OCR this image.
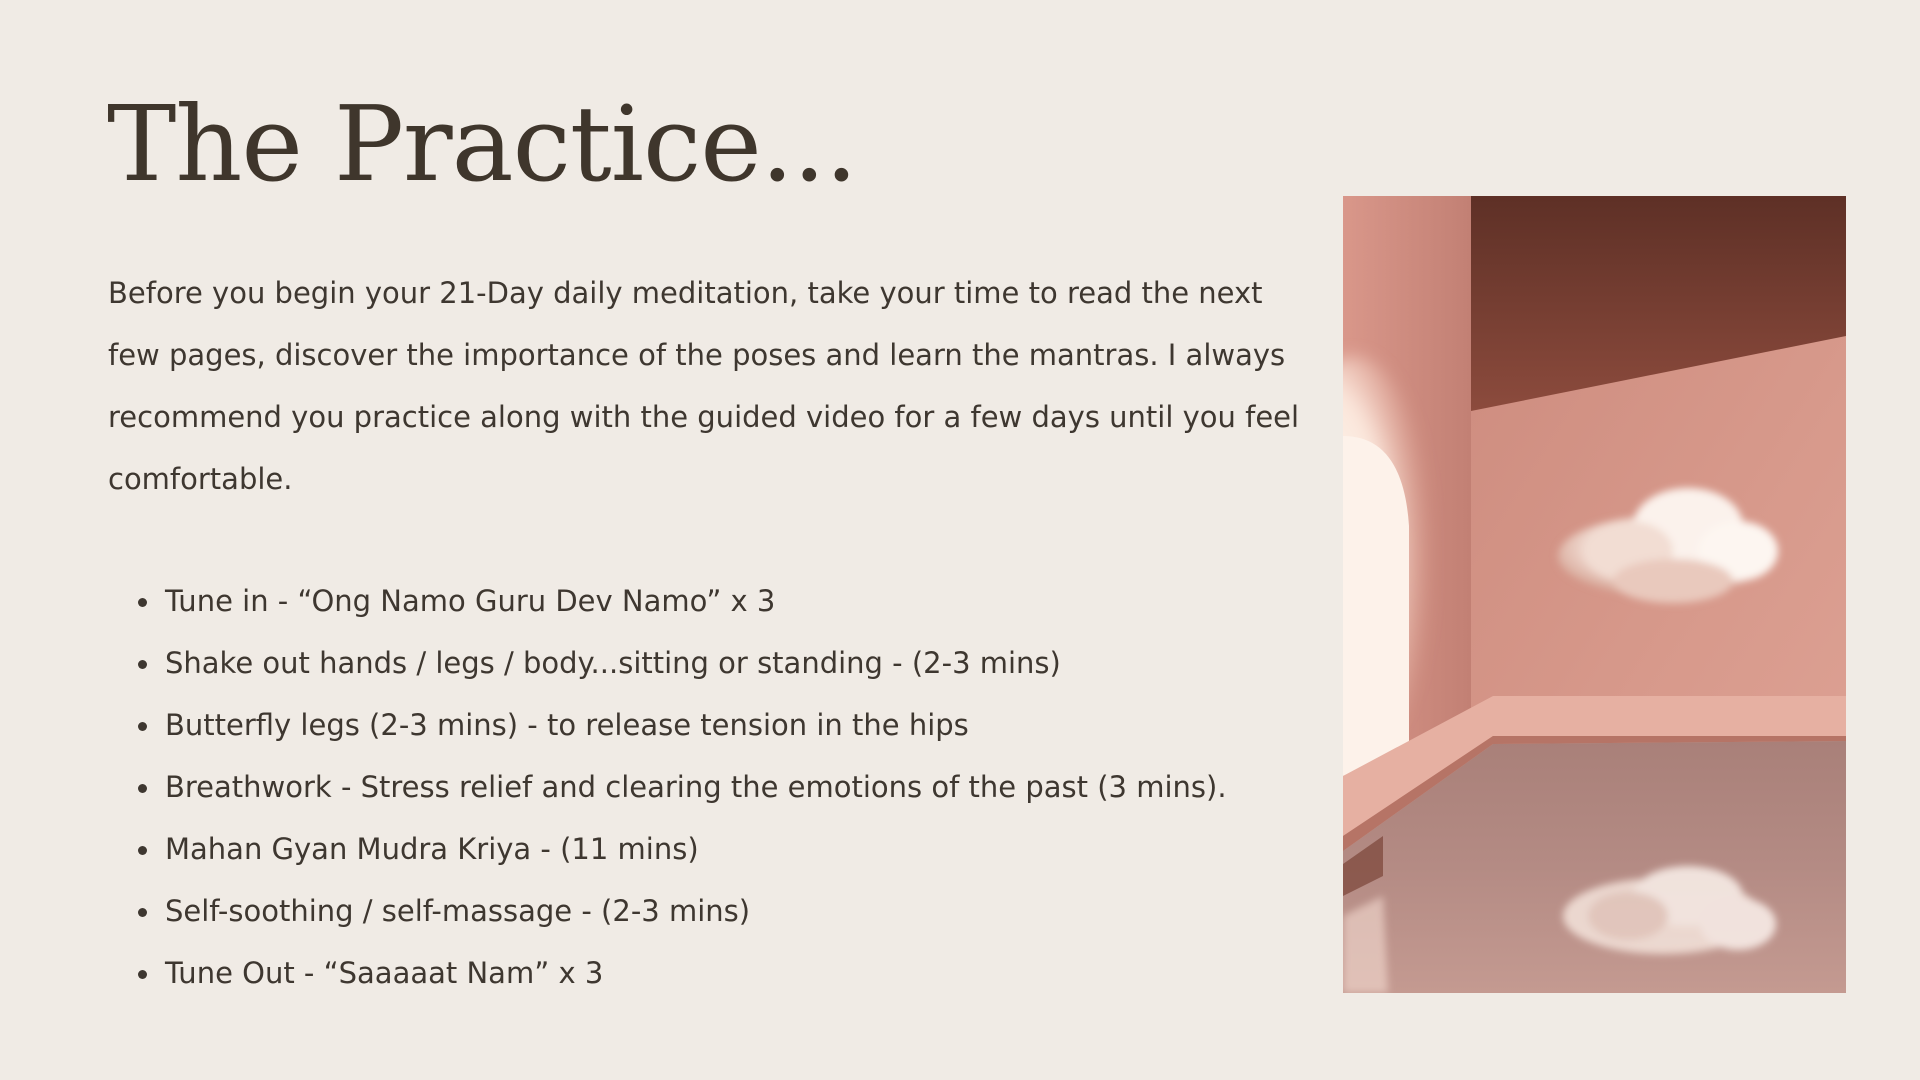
The Practice...

Before you begin your 21-Day daily meditation, take your time to read the next few pages, discover the importance of the poses and learn the mantras. I always recommend you practice along with the guided video for a few days until you feel comfortable.

Tune in - “Ong Namo Guru Dev Namo” x 3
Shake out hands / legs / body...sitting or standing - (2-3 mins)
Butterfly legs (2-3 mins) - to release tension in the hips
Breathwork - Stress relief and clearing the emotions of the past (3 mins).
Mahan Gyan Mudra Kriya - (11 mins)
Self-soothing / self-massage - (2-3 mins)
Tune Out - “Saaaaat Nam” x 3
